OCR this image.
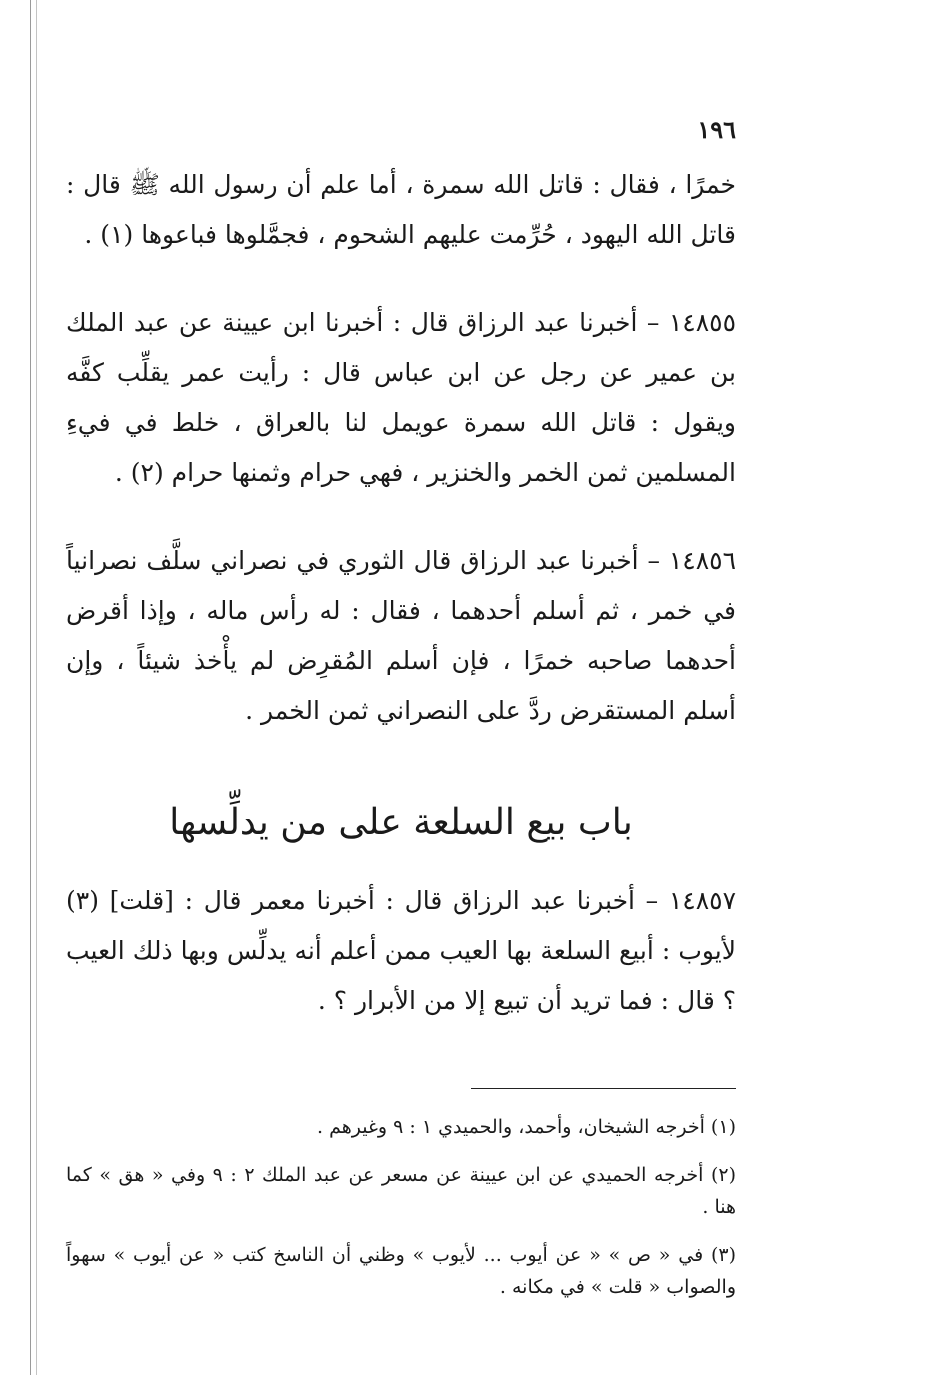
١٩٦

خمرًا ، فقال : قاتل الله سمرة ، أما علم أن رسول الله ﷺ قال : قاتل الله اليهود ، حُرِّمت عليهم الشحوم ، فجمَّلوها فباعوها (١) .

١٤٨٥٥ – أخبرنا عبد الرزاق قال : أخبرنا ابن عيينة عن عبد الملك بن عمير عن رجل عن ابن عباس قال : رأيت عمر يقلِّب كفَّه ويقول : قاتل الله سمرة عويمل لنا بالعراق ، خلط في فيءِ المسلمين ثمن الخمر والخنزير ، فهي حرام وثمنها حرام (٢) .

١٤٨٥٦ – أخبرنا عبد الرزاق قال الثوري في نصراني سلَّف نصرانياً في خمر ، ثم أسلم أحدهما ، فقال : له رأس ماله ، وإذا أقرض أحدهما صاحبه خمرًا ، فإن أسلم المُقرِض لم يأْخذ شيئاً ، وإن أسلم المستقرض ردَّ على النصراني ثمن الخمر .

باب بيع السلعة على من يدلِّسها

١٤٨٥٧ – أخبرنا عبد الرزاق قال : أخبرنا معمر قال : [قلت] (٣) لأيوب : أبيع السلعة بها العيب ممن أعلم أنه يدلِّس وبها ذلك العيب ؟ قال : فما تريد أن تبيع إلا من الأبرار ؟ .

(١) أخرجه الشيخان، وأحمد، والحميدي ١ : ٩ وغيرهم .

(٢) أخرجه الحميدي عن ابن عيينة عن مسعر عن عبد الملك ٢ : ٩ وفي « هق » كما هنا .

(٣) في « ص » « عن أيوب ... لأيوب » وظني أن الناسخ كتب « عن أيوب » سهواً والصواب « قلت » في مكانه .
